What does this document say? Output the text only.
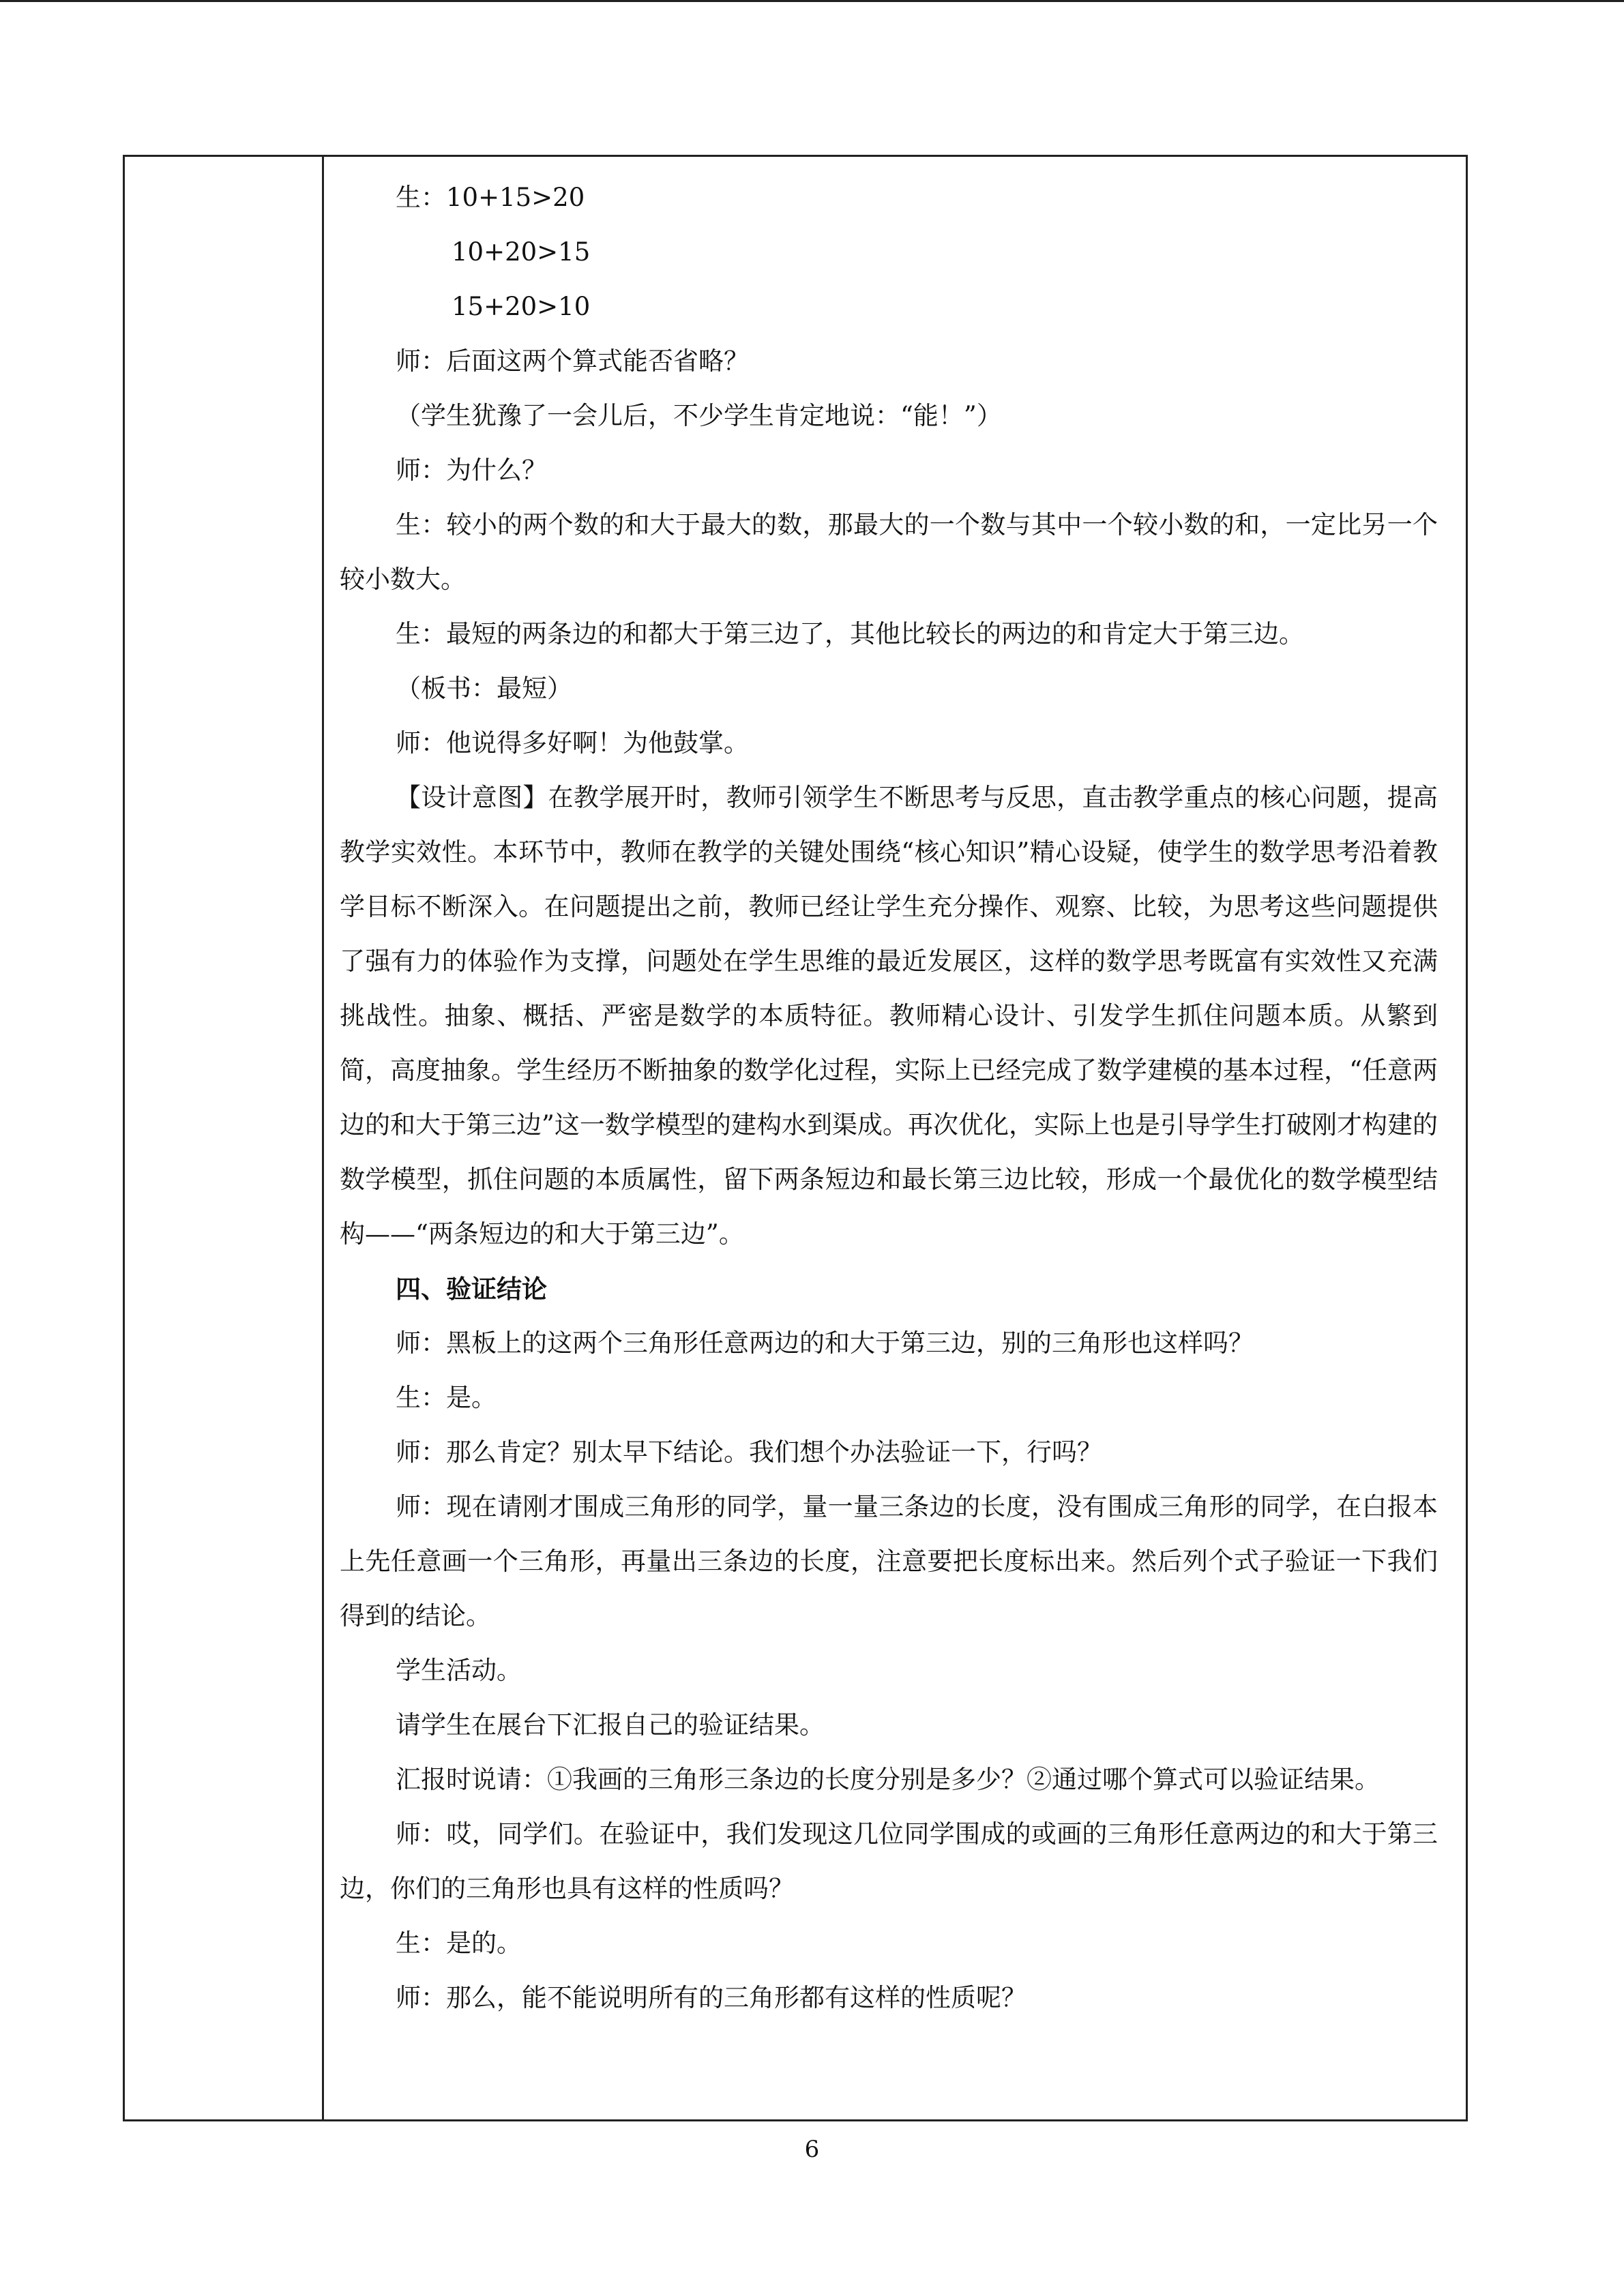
生：10+15>20

10+20>15

15+20>10

师：后面这两个算式能否省略？

（学生犹豫了一会儿后，不少学生肯定地说：“能！”）

师：为什么？

生：较小的两个数的和大于最大的数，那最大的一个数与其中一个较小数的和，一定比另一个较小数大。

生：最短的两条边的和都大于第三边了，其他比较长的两边的和肯定大于第三边。

（板书：最短）

师：他说得多好啊！为他鼓掌。

【设计意图】在教学展开时，教师引领学生不断思考与反思，直击教学重点的核心问题，提高教学实效性。本环节中，教师在教学的关键处围绕“核心知识”精心设疑，使学生的数学思考沿着教学目标不断深入。在问题提出之前，教师已经让学生充分操作、观察、比较，为思考这些问题提供了强有力的体验作为支撑，问题处在学生思维的最近发展区，这样的数学思考既富有实效性又充满挑战性。抽象、概括、严密是数学的本质特征。教师精心设计、引发学生抓住问题本质。从繁到简，高度抽象。学生经历不断抽象的数学化过程，实际上已经完成了数学建模的基本过程，“任意两边的和大于第三边”这一数学模型的建构水到渠成。再次优化，实际上也是引导学生打破刚才构建的数学模型，抓住问题的本质属性，留下两条短边和最长第三边比较，形成一个最优化的数学模型结构——“两条短边的和大于第三边”。

四、验证结论

师：黑板上的这两个三角形任意两边的和大于第三边，别的三角形也这样吗？

生：是。

师：那么肯定？别太早下结论。我们想个办法验证一下，行吗？

师：现在请刚才围成三角形的同学，量一量三条边的长度，没有围成三角形的同学，在白报本上先任意画一个三角形，再量出三条边的长度，注意要把长度标出来。然后列个式子验证一下我们得到的结论。

学生活动。

请学生在展台下汇报自己的验证结果。

汇报时说请：①我画的三角形三条边的长度分别是多少？②通过哪个算式可以验证结果。

师：哎，同学们。在验证中，我们发现这几位同学围成的或画的三角形任意两边的和大于第三边，你们的三角形也具有这样的性质吗？

生：是的。

师：那么，能不能说明所有的三角形都有这样的性质呢？

6
